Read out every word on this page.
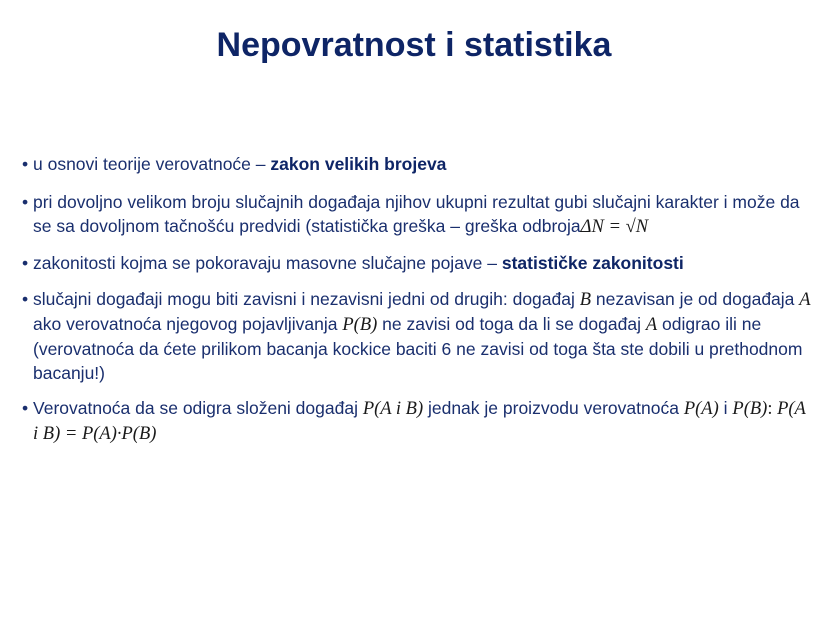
Nepovratnost i statistika
• u osnovi teorije verovatnoće – zakon velikih brojeva
• pri dovoljno velikom broju slučajnih događaja njihov ukupni rezultat gubi slučajni karakter i može da se sa dovoljnom tačnošću predvidi (statistička greška – greška odbrojaΔN = √N
• zakonitosti kojma se pokoravaju masovne slučajne pojave – statističke zakonitosti
• slučajni događaji mogu biti zavisni i nezavisni jedni od drugih: događaj B nezavisan je od događaja A ako verovatnoća njegovog pojavljivanja P(B) ne zavisi od toga da li se događaj A odigrao ili ne (verovatnoća da ćete prilikom bacanja kockice baciti 6 ne zavisi od toga šta ste dobili u prethodnom bacanju!)
• Verovatnoća da se odigra složeni događaj P(A i B) jednak je proizvodu verovatnoća P(A) i P(B): P(A i B) = P(A)·P(B)
